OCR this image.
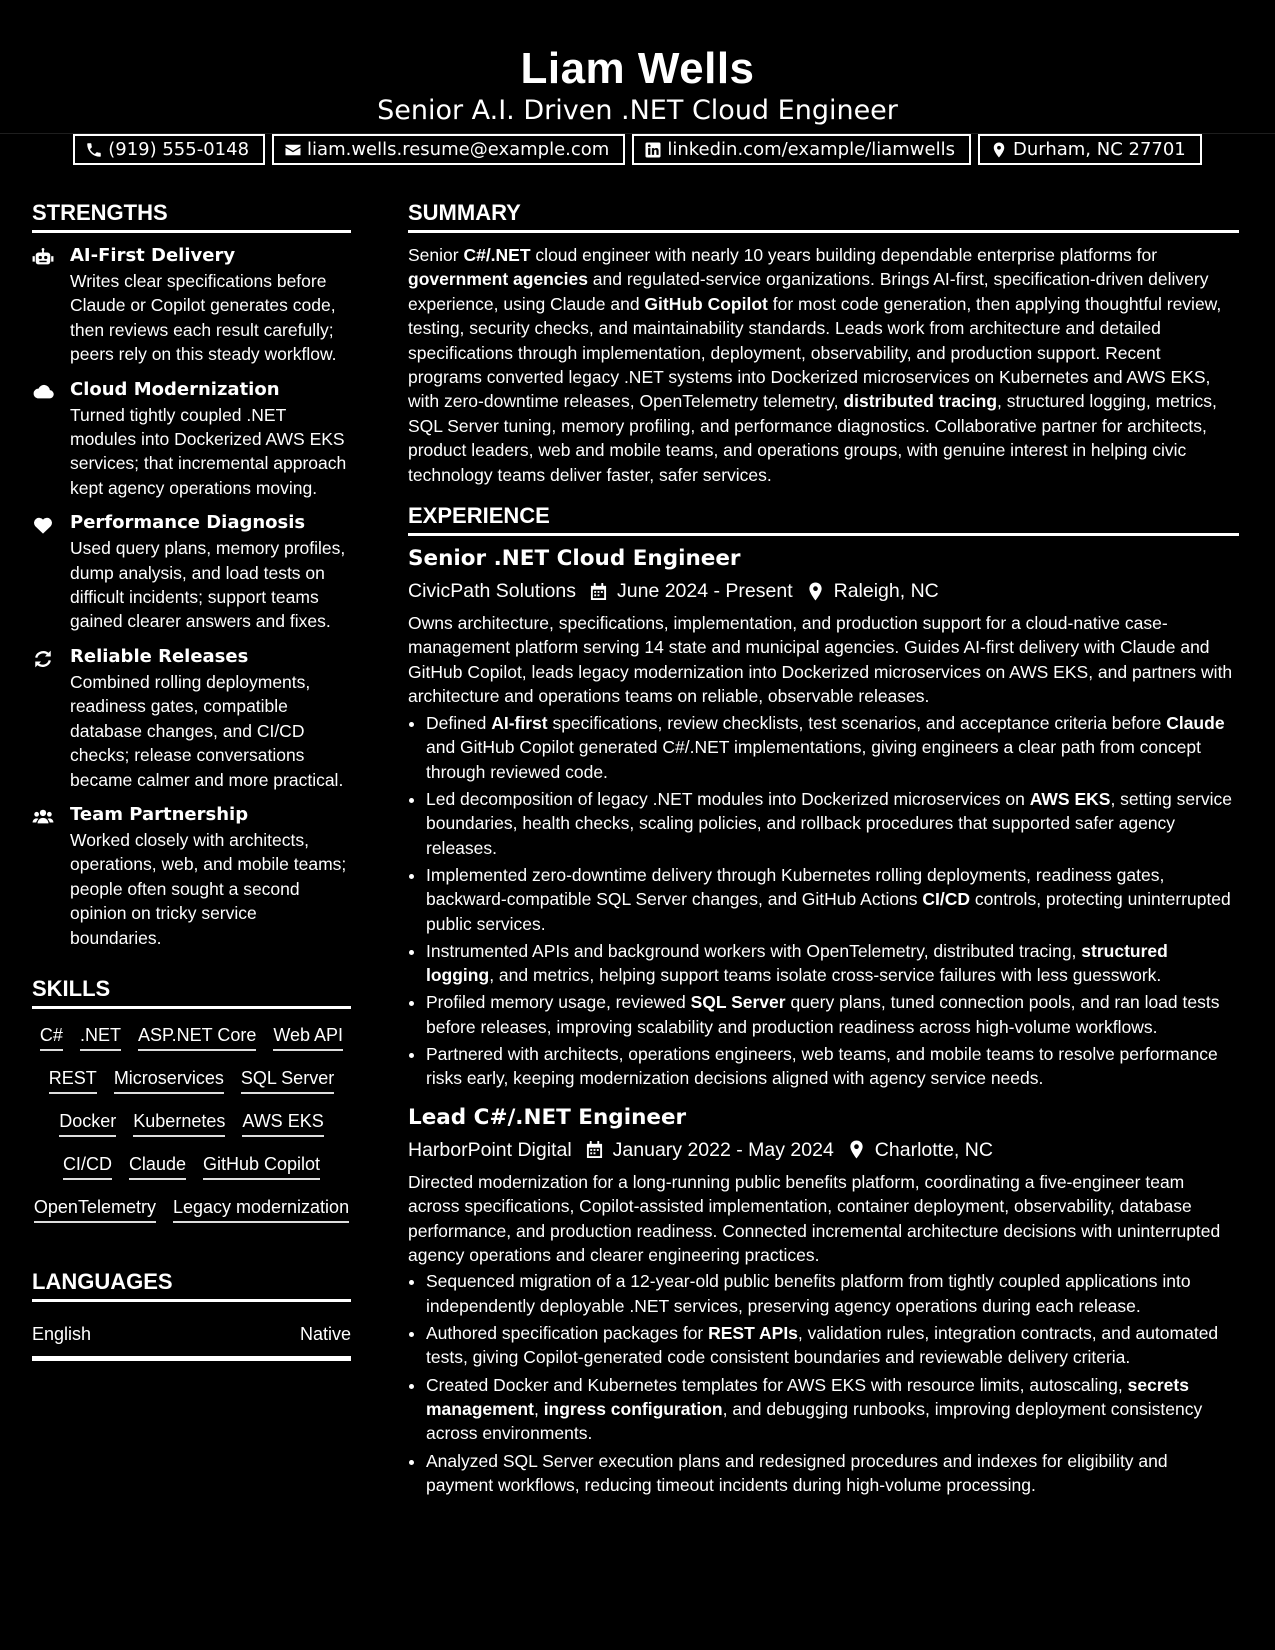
Liam Wells
Senior A.I. Driven .NET Cloud Engineer
(919) 555-0148	liam.wells.resume@example.com	linkedin.com/example/liamwells	Durham, NC 27701
STRENGTHS
AI-First Delivery
Writes clear specifications before Claude or Copilot generates code, then reviews each result carefully; peers rely on this steady workflow.
Cloud Modernization
Turned tightly coupled .NET modules into Dockerized AWS EKS services; that incremental approach kept agency operations moving.
Performance Diagnosis
Used query plans, memory profiles, dump analysis, and load tests on difficult incidents; support teams gained clearer answers and fixes.
Reliable Releases
Combined rolling deployments, readiness gates, compatible database changes, and CI/CD checks; release conversations became calmer and more practical.
Team Partnership
Worked closely with architects, operations, web, and mobile teams; people often sought a second opinion on tricky service boundaries.
SKILLS
C# .NET ASP.NET Core Web API
REST Microservices SQL Server
Docker Kubernetes AWS EKS
CI/CD Claude GitHub Copilot
OpenTelemetry Legacy modernization
LANGUAGES
English	Native
SUMMARY

Senior C#/.NET cloud engineer with nearly 10 years building dependable enterprise platforms for government agencies and regulated-service organizations. Brings AI-first, specification-driven delivery experience, using Claude and GitHub Copilot for most code generation, then applying thoughtful review, testing, security checks, and maintainability standards. Leads work from architecture and detailed specifications through implementation, deployment, observability, and production support. Recent programs converted legacy .NET systems into Dockerized microservices on Kubernetes and AWS EKS, with zero-downtime releases, OpenTelemetry telemetry, distributed tracing, structured logging, metrics, SQL Server tuning, memory profiling, and performance diagnostics. Collaborative partner for architects, product leaders, web and mobile teams, and operations groups, with genuine interest in helping civic technology teams deliver faster, safer services.

EXPERIENCE
Senior .NET Cloud Engineer
CivicPath Solutions June 2024 - Present Raleigh, NC
Owns architecture, specifications, implementation, and production support for a cloud-native case-management platform serving 14 state and municipal agencies. Guides AI-first delivery with Claude and GitHub Copilot, leads legacy modernization into Dockerized microservices on AWS EKS, and partners with architecture and operations teams on reliable, observable releases.
• Defined AI-first specifications, review checklists, test scenarios, and acceptance criteria before Claude and GitHub Copilot generated C#/.NET implementations, giving engineers a clear path from concept through reviewed code.
• Led decomposition of legacy .NET modules into Dockerized microservices on AWS EKS, setting service boundaries, health checks, scaling policies, and rollback procedures that supported safer agency releases.
• Implemented zero-downtime delivery through Kubernetes rolling deployments, readiness gates, backward-compatible SQL Server changes, and GitHub Actions CI/CD controls, protecting uninterrupted public services.
• Instrumented APIs and background workers with OpenTelemetry, distributed tracing, structured logging, and metrics, helping support teams isolate cross-service failures with less guesswork.
• Profiled memory usage, reviewed SQL Server query plans, tuned connection pools, and ran load tests before releases, improving scalability and production readiness across high-volume workflows.
• Partnered with architects, operations engineers, web teams, and mobile teams to resolve performance risks early, keeping modernization decisions aligned with agency service needs.
Lead C#/.NET Engineer
HarborPoint Digital January 2022 - May 2024 Charlotte, NC
Directed modernization for a long-running public benefits platform, coordinating a five-engineer team across specifications, Copilot-assisted implementation, container deployment, observability, database performance, and production readiness. Connected incremental architecture decisions with uninterrupted agency operations and clearer engineering practices.
• Sequenced migration of a 12-year-old public benefits platform from tightly coupled applications into independently deployable .NET services, preserving agency operations during each release.
• Authored specification packages for REST APIs, validation rules, integration contracts, and automated tests, giving Copilot-generated code consistent boundaries and reviewable delivery criteria.
• Created Docker and Kubernetes templates for AWS EKS with resource limits, autoscaling, secrets management, ingress configuration, and debugging runbooks, improving deployment consistency across environments.
• Analyzed SQL Server execution plans and redesigned procedures and indexes for eligibility and payment workflows, reducing timeout incidents during high-volume processing.
